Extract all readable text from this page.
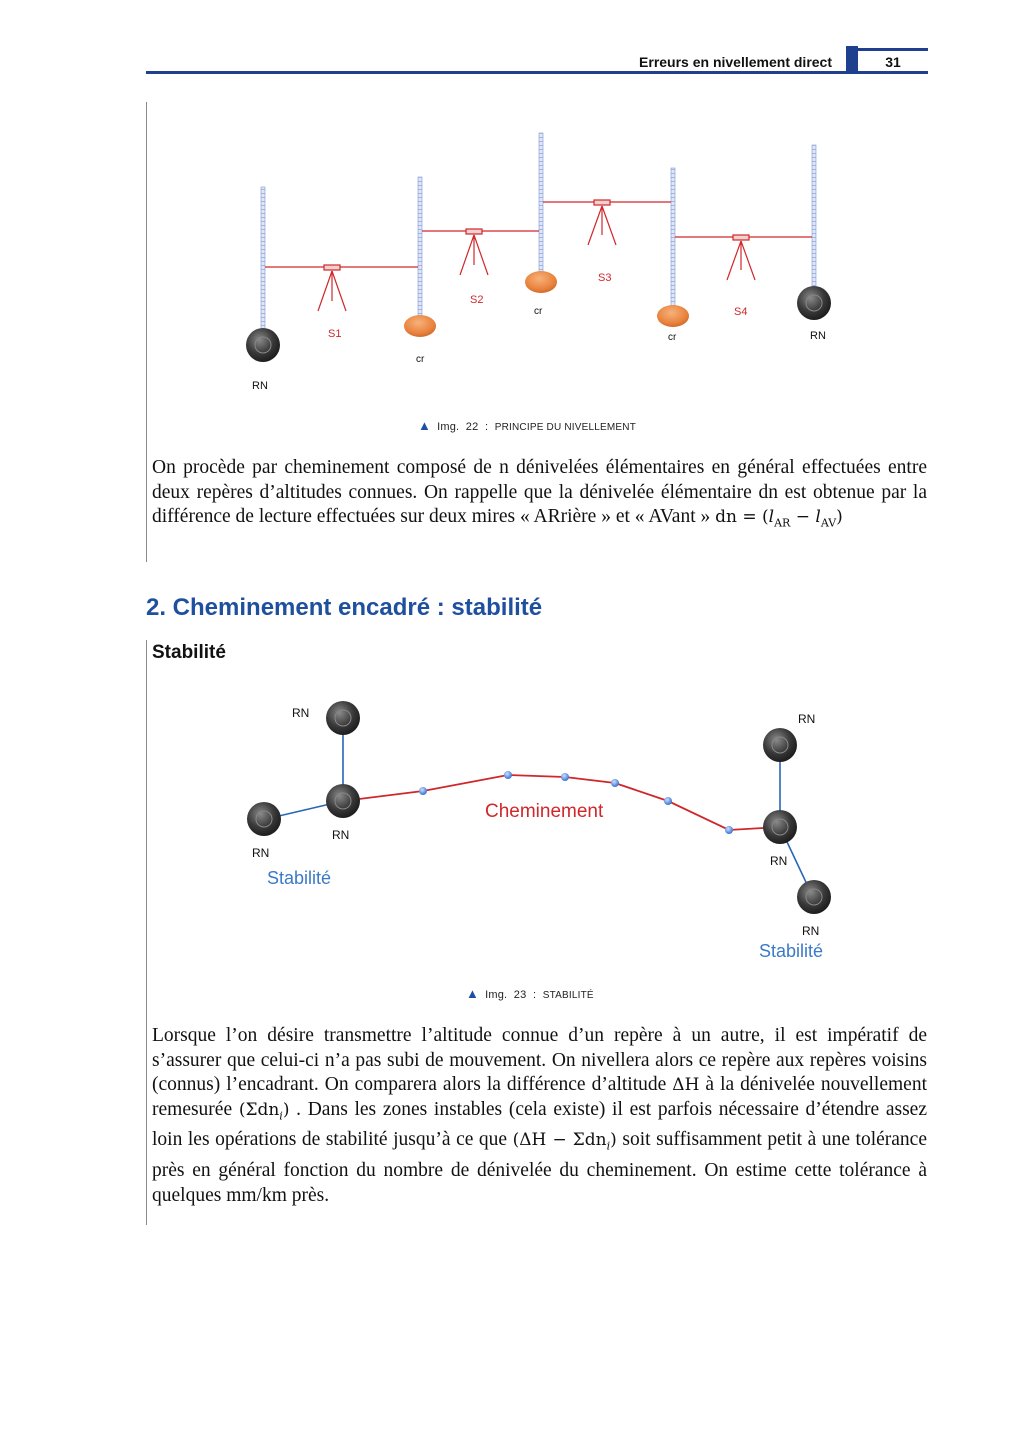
Erreurs en nivellement direct	31
S1
S2
S3
S4
RN
RN
cr
cr
cr
▲ Img. 22 : PRINCIPE DU NIVELLEMENT

On procède par cheminement composé de n dénivelées élémentaires en général effectuées entre deux repères d’altitudes connues. On rappelle que la dénivelée élémentaire dn est obtenue par la différence de lecture effectuées sur deux mires « ARrière » et « AVant » dn = $(l_{AR} - l_{AV})$

2. Cheminement encadré : stabilité
Stabilité
RN
RN
RN
RN
RN
RN
Cheminement
Stabilité
Stabilité
▲ Img. 23 : STABILITÉ

Lorsque l’on désire transmettre l’altitude connue d’un repère à un autre, il est impératif de s’assurer que celui-ci n’a pas subi de mouvement. On nivellera alors ce repère aux repères voisins (connus) l’encadrant. On comparera alors la différence d’altitude ΔH à la dénivelée nouvellement remesurée (Σdn$_i$) . Dans les zones instables (cela existe) il est parfois nécessaire d’étendre assez loin les opérations de stabilité jusqu’à ce que (ΔH − Σdn$_i$) soit suffisamment petit à une tolérance près en général fonction du nombre de dénivelée du cheminement. On estime cette tolérance à quelques mm/km près.
